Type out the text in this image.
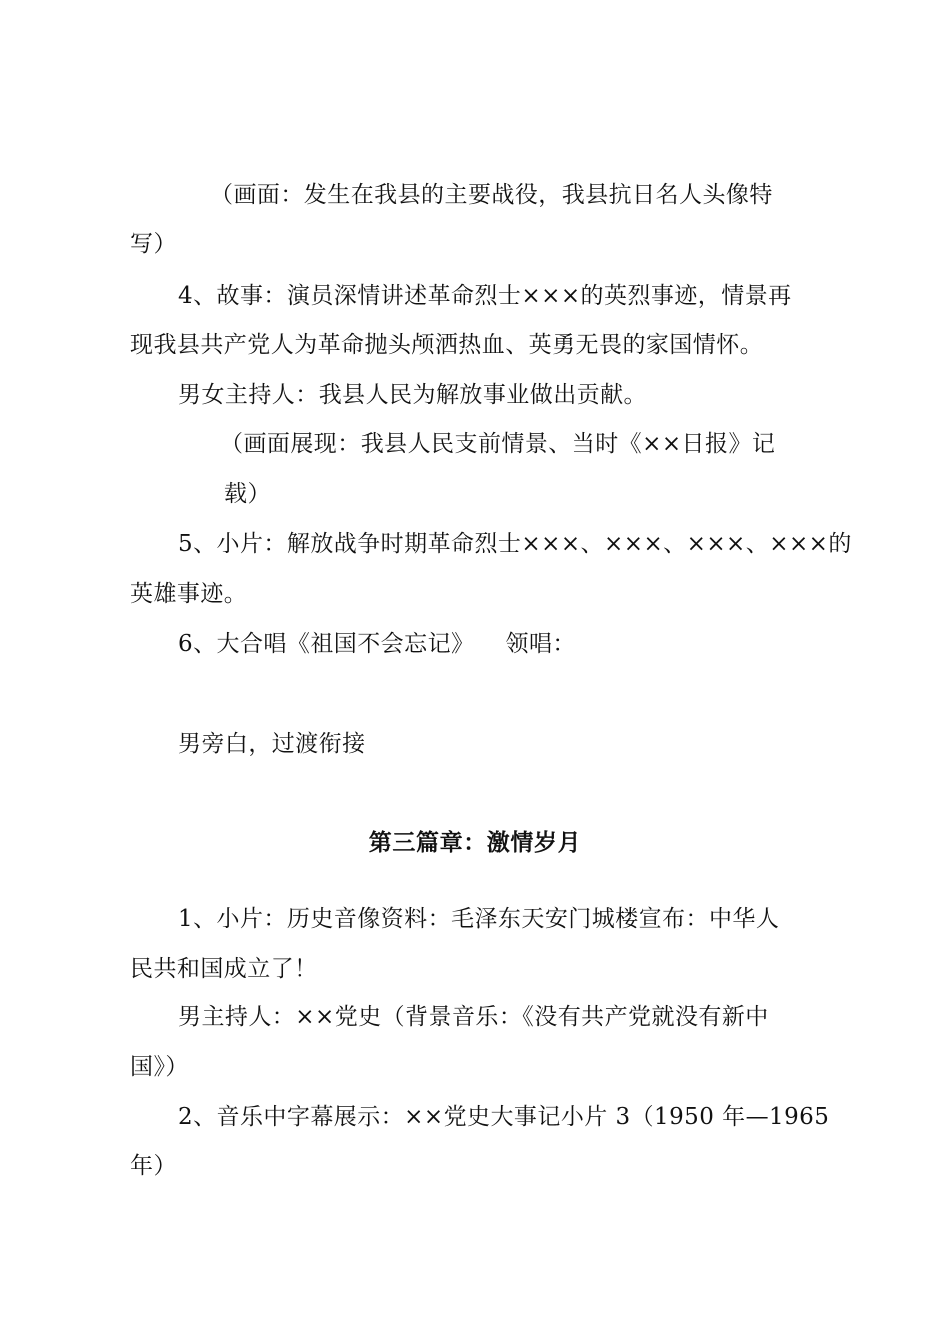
（画面：发生在我县的主要战役，我县抗日名人头像特
写）
4、故事：演员深情讲述革命烈士×××的英烈事迹，情景再
现我县共产党人为革命抛头颅洒热血、英勇无畏的家国情怀。
男女主持人：我县人民为解放事业做出贡献。
（画面展现：我县人民支前情景、当时《××日报》记
载）
5、小片：解放战争时期革命烈士×××、×××、×××、×××的
英雄事迹。
6、大合唱《祖国不会忘记》    领唱：
男旁白，过渡衔接
第三篇章：激情岁月
1、小片：历史音像资料：毛泽东天安门城楼宣布：中华人
民共和国成立了！
男主持人：××党史（背景音乐：《没有共产党就没有新中
国》）
2、音乐中字幕展示：××党史大事记小片 3（1950 年—1965
年）
